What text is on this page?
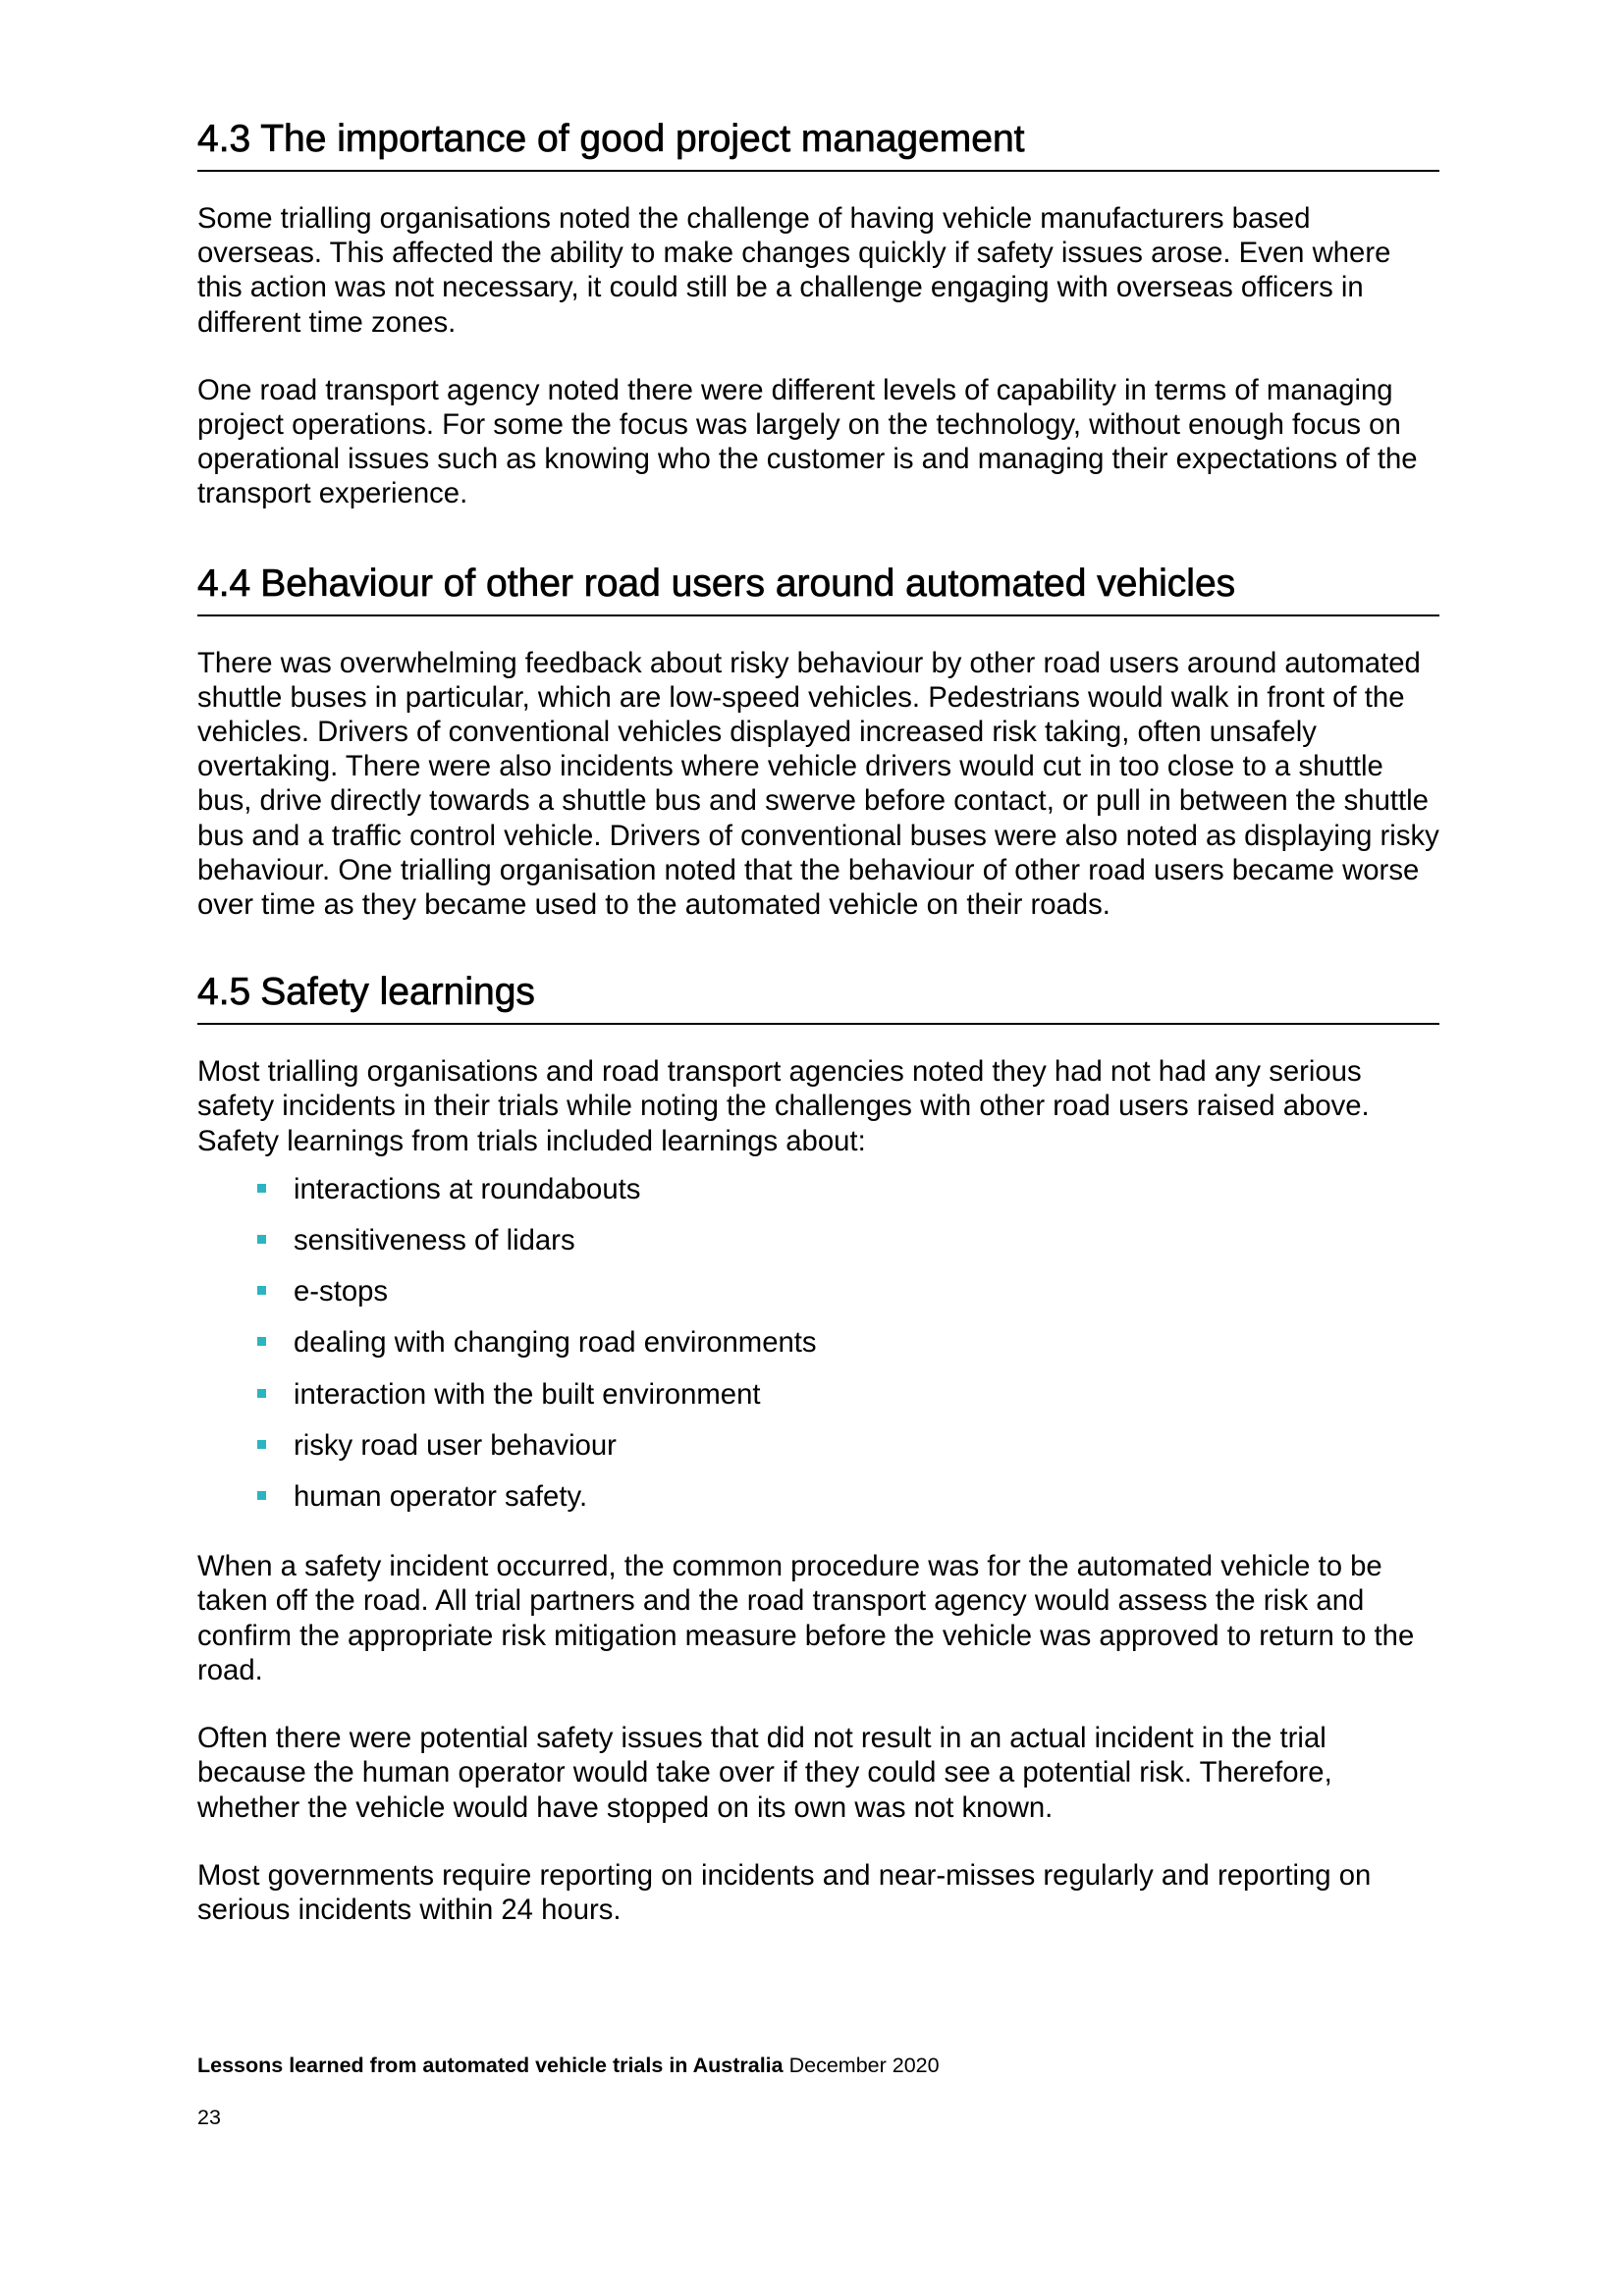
4.3 The importance of good project management

Some trialling organisations noted the challenge of having vehicle manufacturers based overseas. This affected the ability to make changes quickly if safety issues arose. Even where this action was not necessary, it could still be a challenge engaging with overseas officers in different time zones.

One road transport agency noted there were different levels of capability in terms of managing project operations. For some the focus was largely on the technology, without enough focus on operational issues such as knowing who the customer is and managing their expectations of the transport experience.

4.4 Behaviour of other road users around automated vehicles

There was overwhelming feedback about risky behaviour by other road users around automated shuttle buses in particular, which are low-speed vehicles. Pedestrians would walk in front of the vehicles. Drivers of conventional vehicles displayed increased risk taking, often unsafely overtaking. There were also incidents where vehicle drivers would cut in too close to a shuttle bus, drive directly towards a shuttle bus and swerve before contact, or pull in between the shuttle bus and a traffic control vehicle. Drivers of conventional buses were also noted as displaying risky behaviour. One trialling organisation noted that the behaviour of other road users became worse over time as they became used to the automated vehicle on their roads.

4.5 Safety learnings

Most trialling organisations and road transport agencies noted they had not had any serious safety incidents in their trials while noting the challenges with other road users raised above. Safety learnings from trials included learnings about:

interactions at roundabouts
sensitiveness of lidars
e-stops
dealing with changing road environments
interaction with the built environment
risky road user behaviour
human operator safety.

When a safety incident occurred, the common procedure was for the automated vehicle to be taken off the road. All trial partners and the road transport agency would assess the risk and confirm the appropriate risk mitigation measure before the vehicle was approved to return to the road.

Often there were potential safety issues that did not result in an actual incident in the trial because the human operator would take over if they could see a potential risk. Therefore, whether the vehicle would have stopped on its own was not known.

Most governments require reporting on incidents and near-misses regularly and reporting on serious incidents within 24 hours.

Lessons learned from automated vehicle trials in Australia December 2020
23
